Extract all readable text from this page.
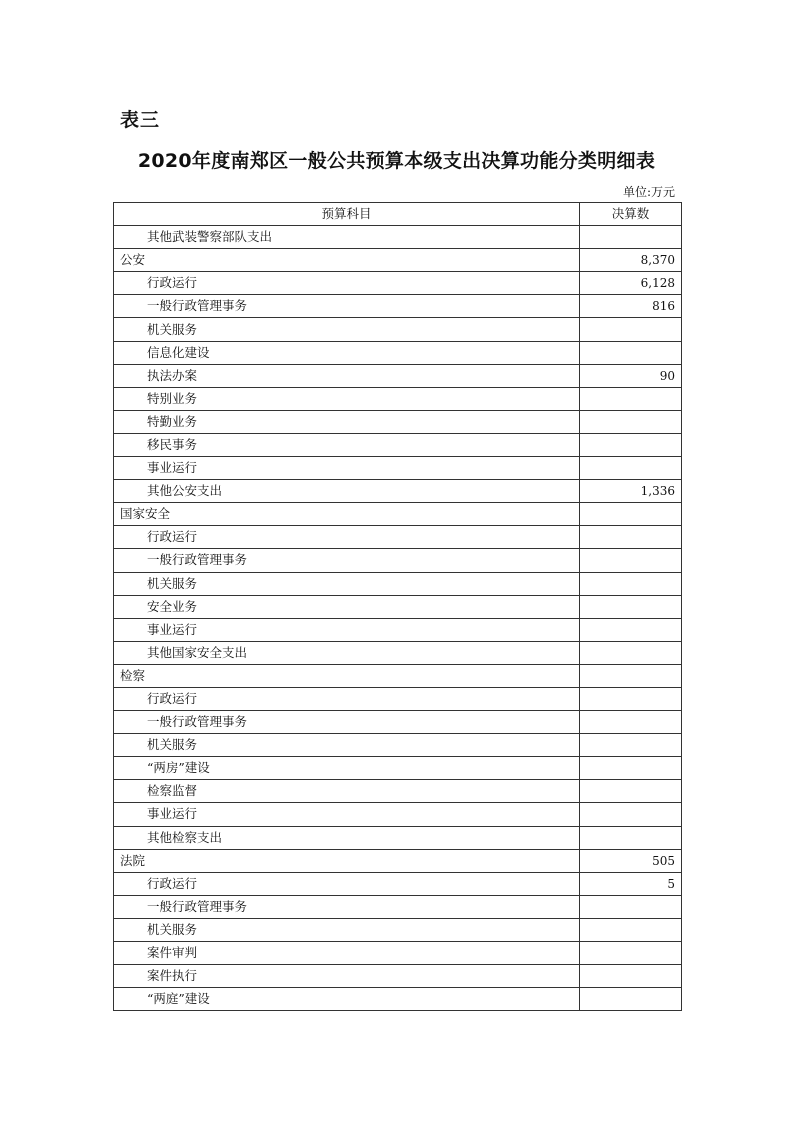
表三
2020年度南郑区一般公共预算本级支出决算功能分类明细表
单位:万元
预算科目	决算数
其他武装警察部队支出	
公安	8,370
行政运行	6,128
一般行政管理事务	816
机关服务	
信息化建设	
执法办案	90
特别业务	
特勤业务	
移民事务	
事业运行	
其他公安支出	1,336
国家安全	
行政运行	
一般行政管理事务	
机关服务	
安全业务	
事业运行	
其他国家安全支出	
检察	
行政运行	
一般行政管理事务	
机关服务	
“两房”建设	
检察监督	
事业运行	
其他检察支出	
法院	505
行政运行	5
一般行政管理事务	
机关服务	
案件审判	
案件执行	
“两庭”建设	
